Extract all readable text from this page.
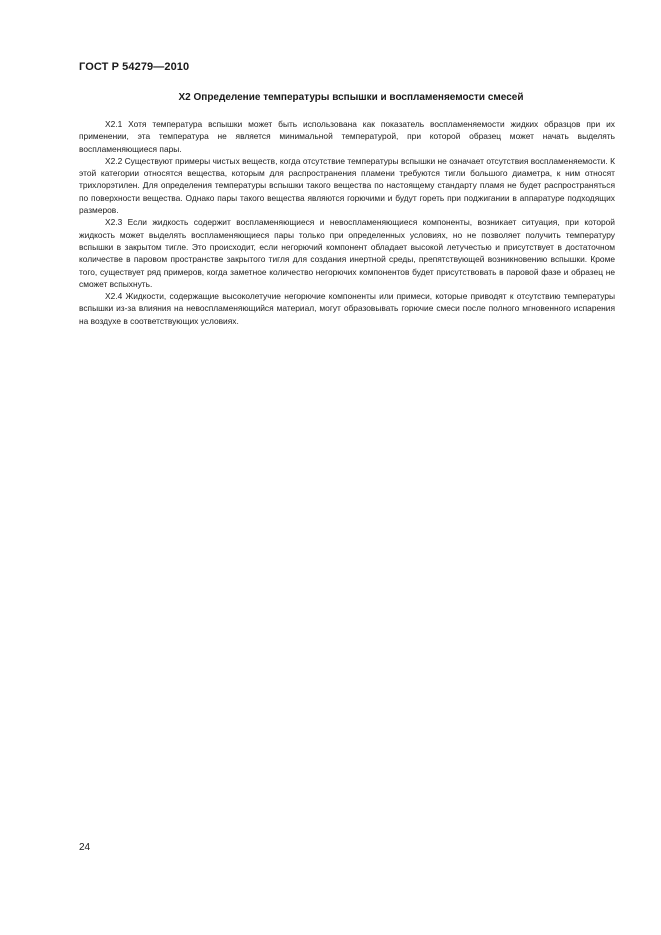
ГОСТ Р 54279—2010
Х2 Определение температуры вспышки и воспламеняемости смесей

Х2.1 Хотя температура вспышки может быть использована как показатель воспламеняемости жидких образцов при их применении, эта температура не является минимальной температурой, при которой образец может начать выделять воспламеняющиеся пары.

Х2.2 Существуют примеры чистых веществ, когда отсутствие температуры вспышки не означает отсутствия воспламеняемости. К этой категории относятся вещества, которым для распространения пламени требуются тигли большого диаметра, к ним относят трихлорэтилен. Для определения температуры вспышки такого вещества по настоящему стандарту пламя не будет распространяться по поверхности вещества. Однако пары такого вещества являются горючими и будут гореть при поджигании в аппаратуре подходящих размеров.

Х2.3 Если жидкость содержит воспламеняющиеся и невоспламеняющиеся компоненты, возникает ситуация, при которой жидкость может выделять воспламеняющиеся пары только при определенных условиях, но не позволяет получить температуру вспышки в закрытом тигле. Это происходит, если негорючий компонент обладает высокой летучестью и присутствует в достаточном количестве в паровом пространстве закрытого тигля для создания инертной среды, препятствующей возникновению вспышки. Кроме того, существует ряд примеров, когда заметное количество негорючих компонентов будет присутствовать в паровой фазе и образец не сможет вспыхнуть.

Х2.4 Жидкости, содержащие высоколетучие негорючие компоненты или примеси, которые приводят к отсутствию температуры вспышки из-за влияния на невоспламеняющийся материал, могут образовывать горючие смеси после полного мгновенного испарения на воздухе в соответствующих условиях.

24
